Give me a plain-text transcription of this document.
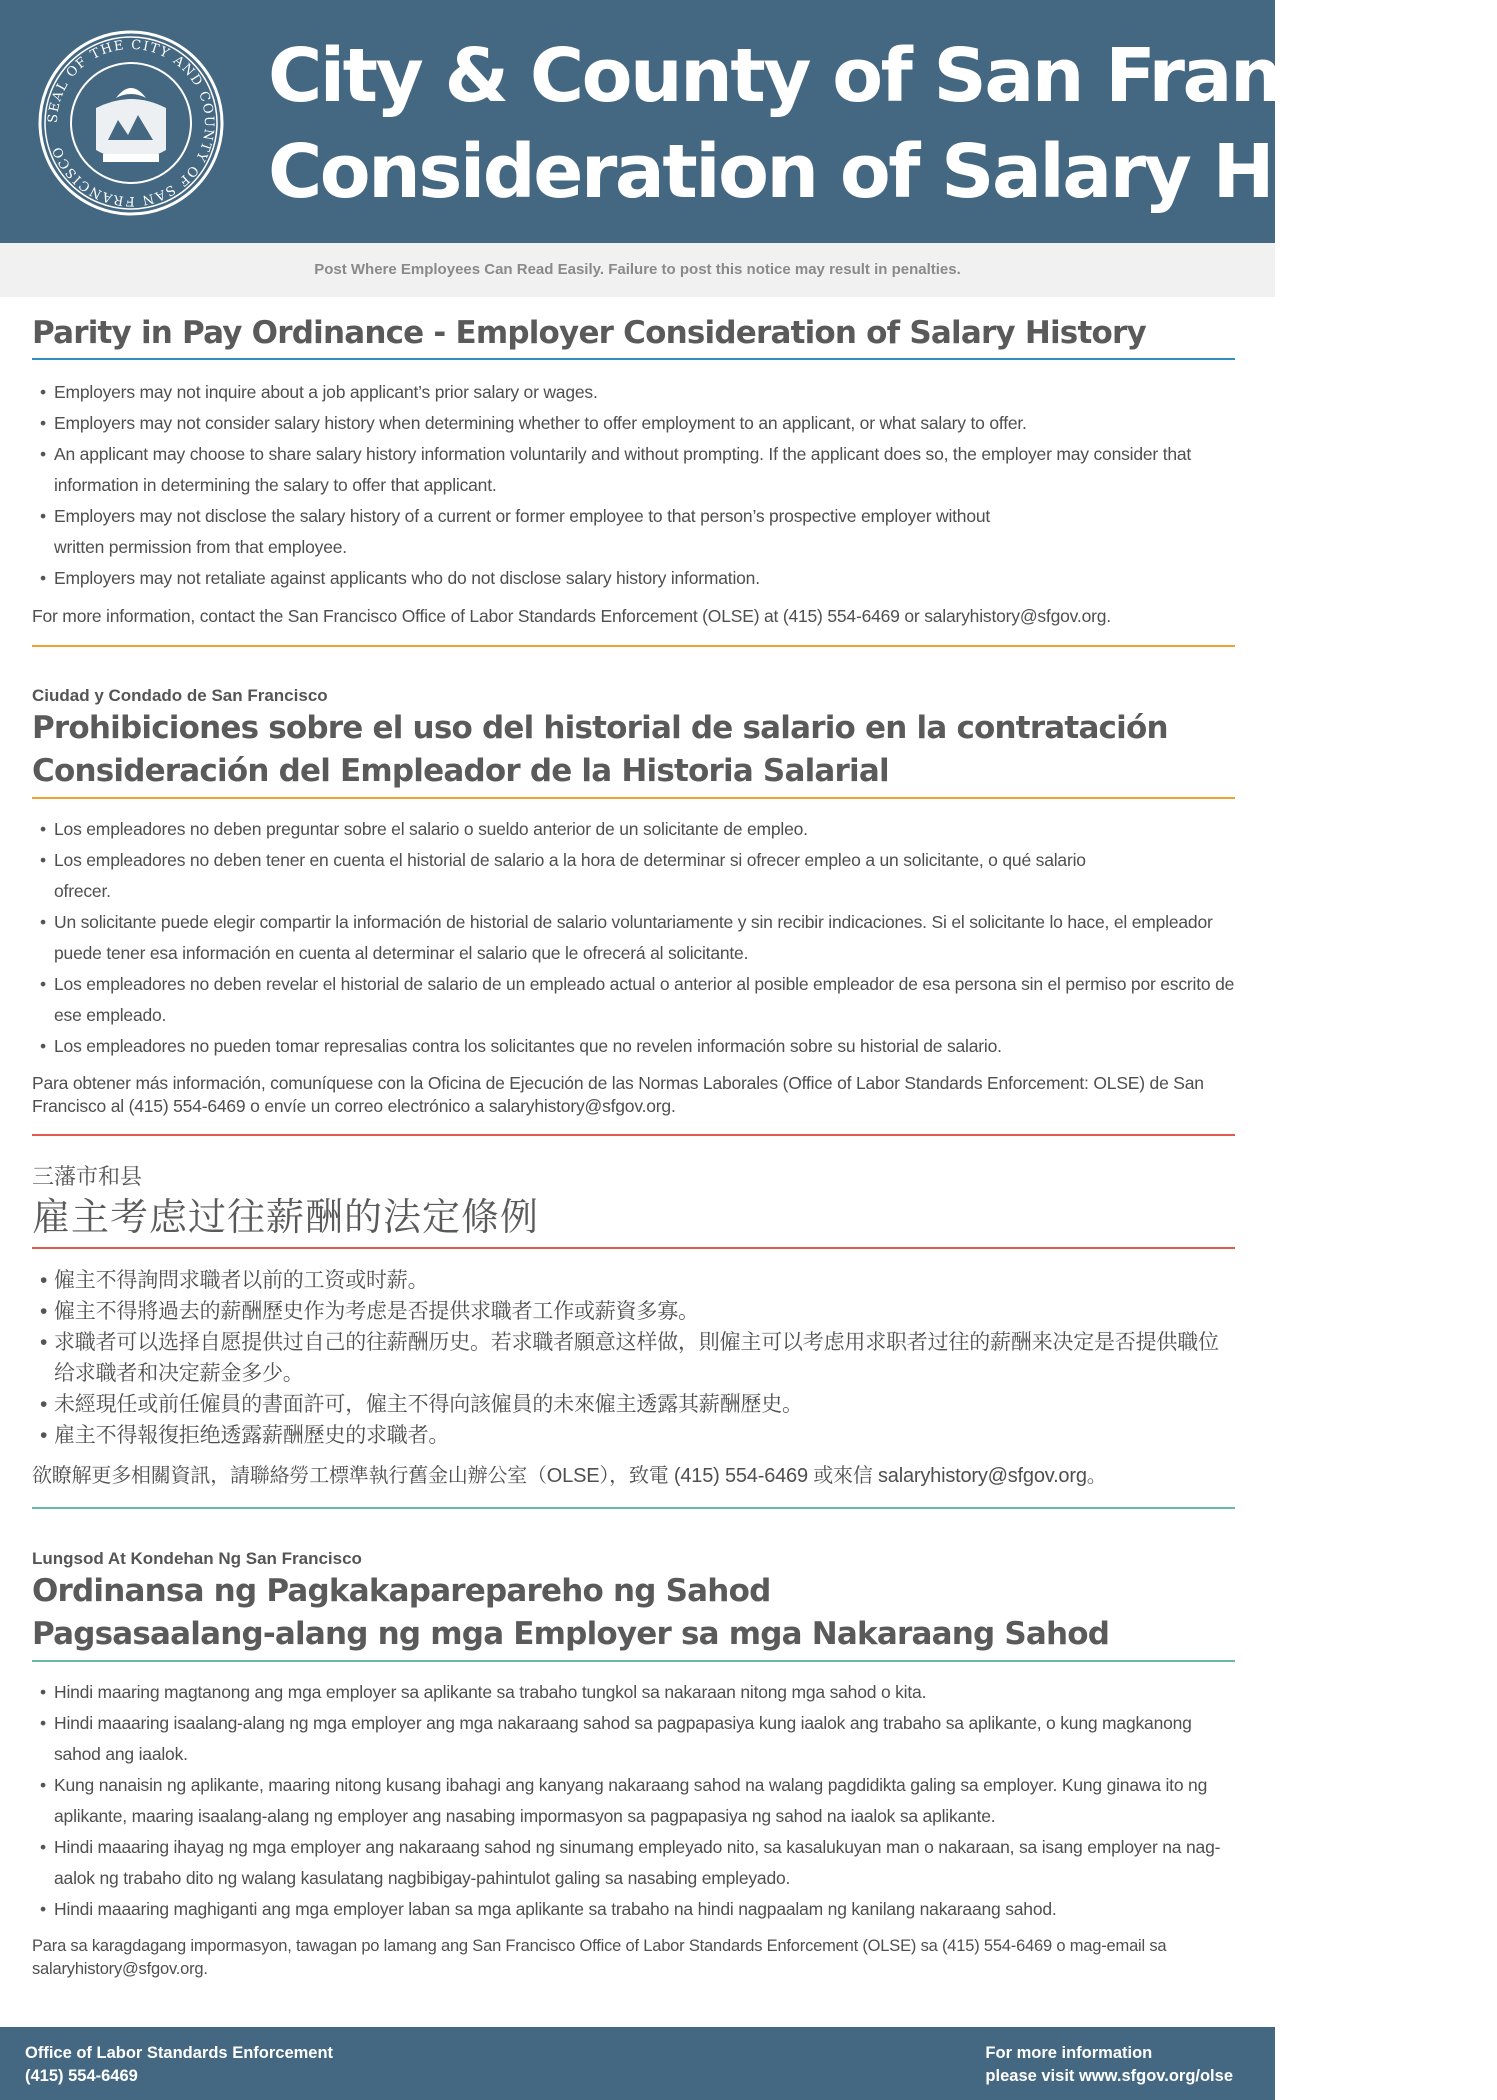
SEAL OF THE CITY AND COUNTY OF SAN FRANCISCO
City & County of San Francisco
Consideration of Salary History
Post Where Employees Can Read Easily. Failure to post this notice may result in penalties.
Parity in Pay Ordinance - Employer Consideration of Salary History
• Employers may not inquire about a job applicant’s prior salary or wages.
• Employers may not consider salary history when determining whether to offer employment to an applicant, or what salary to offer.
• An applicant may choose to share salary history information voluntarily and without prompting. If the applicant does so, the employer may consider that information in determining the salary to offer that applicant.
• Employers may not disclose the salary history of a current or former employee to that person’s prospective employer without written permission from that employee.
• Employers may not retaliate against applicants who do not disclose salary history information.
For more information, contact the San Francisco Office of Labor Standards Enforcement (OLSE) at (415) 554-6469 or salaryhistory@sfgov.org.
Ciudad y Condado de San Francisco
Prohibiciones sobre el uso del historial de salario en la contratación
Consideración del Empleador de la Historia Salarial
• Los empleadores no deben preguntar sobre el salario o sueldo anterior de un solicitante de empleo.
• Los empleadores no deben tener en cuenta el historial de salario a la hora de determinar si ofrecer empleo a un solicitante, o qué salario ofrecer.
• Un solicitante puede elegir compartir la información de historial de salario voluntariamente y sin recibir indicaciones. Si el solicitante lo hace, el empleador puede tener esa información en cuenta al determinar el salario que le ofrecerá al solicitante.
• Los empleadores no deben revelar el historial de salario de un empleado actual o anterior al posible empleador de esa persona sin el permiso por escrito de ese empleado.
• Los empleadores no pueden tomar represalias contra los solicitantes que no revelen información sobre su historial de salario.
Para obtener más información, comuníquese con la Oficina de Ejecución de las Normas Laborales (Office of Labor Standards Enforcement: OLSE) de San Francisco al (415) 554-6469 o envíe un correo electrónico a salaryhistory@sfgov.org.
三藩市和县
雇主考虑过往薪酬的法定條例
• 僱主不得詢問求職者以前的工资或时薪。
• 僱主不得將過去的薪酬歷史作为考虑是否提供求職者工作或薪資多寡。
• 求職者可以选择自愿提供过自己的往薪酬历史。若求職者願意这样做，則僱主可以考虑用求职者过往的薪酬来决定是否提供職位给求職者和决定薪金多少。
• 未經現任或前任僱員的書面許可，僱主不得向該僱員的未來僱主透露其薪酬歷史。
• 雇主不得報復拒绝透露薪酬歷史的求職者。
欲瞭解更多相關資訊，請聯絡勞工標準執行舊金山辦公室（OLSE），致電 (415) 554-6469 或來信 salaryhistory@sfgov.org。
Lungsod At Kondehan Ng San Francisco
Ordinansa ng Pagkakaparepareho ng Sahod
Pagsasaalang-alang ng mga Employer sa mga Nakaraang Sahod
• Hindi maaring magtanong ang mga employer sa aplikante sa trabaho tungkol sa nakaraan nitong mga sahod o kita.
• Hindi maaaring isaalang-alang ng mga employer ang mga nakaraang sahod sa pagpapasiya kung iaalok ang trabaho sa aplikante, o kung magkanong sahod ang iaalok.
• Kung nanaisin ng aplikante, maaring nitong kusang ibahagi ang kanyang nakaraang sahod na walang pagdidikta galing sa employer. Kung ginawa ito ng aplikante, maaring isaalang-alang ng employer ang nasabing impormasyon sa pagpapasiya ng sahod na iaalok sa aplikante.
• Hindi maaaring ihayag ng mga employer ang nakaraang sahod ng sinumang empleyado nito, sa kasalukuyan man o nakaraan, sa isang employer na nag-aalok ng trabaho dito ng walang kasulatang nagbibigay-pahintulot galing sa nasabing empleyado.
• Hindi maaaring maghiganti ang mga employer laban sa mga aplikante sa trabaho na hindi nagpaalam ng kanilang nakaraang sahod.
Para sa karagdagang impormasyon, tawagan po lamang ang San Francisco Office of Labor Standards Enforcement (OLSE) sa (415) 554-6469 o mag-email sa salaryhistory@sfgov.org.
Office of Labor Standards Enforcement
(415) 554-6469
For more information
please visit www.sfgov.org/olse
